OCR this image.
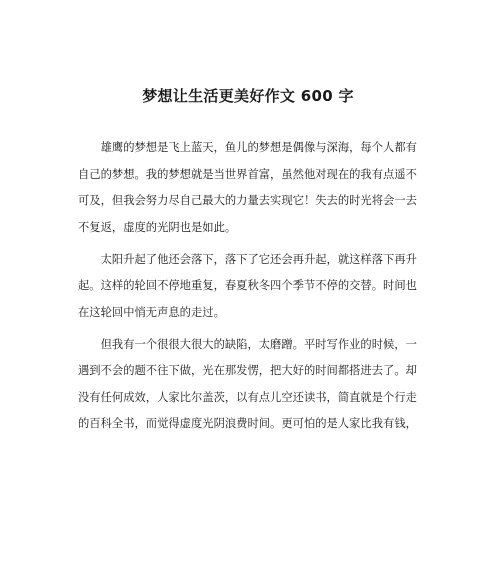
梦想让生活更美好作文 600 字

　　雄鹰的梦想是飞上蓝天，鱼儿的梦想是偶像与深海，每个人都有
自己的梦想。我的梦想就是当世界首富，虽然他对现在的我有点遥不
可及，但我会努力尽自己最大的力量去实现它！失去的时光将会一去
不复返，虚度的光阴也是如此。

　　太阳升起了他还会落下，落下了它还会再升起，就这样落下再升
起。这样的轮回不停地重复，春夏秋冬四个季节不停的交替。时间也
在这轮回中悄无声息的走过。

　　但我有一个很很大很大的缺陷，太磨蹭。平时写作业的时候，一
遇到不会的题不往下做，光在那发愣，把大好的时间都搭进去了。却
没有任何成效，人家比尔盖茨，以有点儿空还读书，简直就是个行走
的百科全书，而觉得虚度光阴浪费时间。更可怕的是人家比我有钱，
